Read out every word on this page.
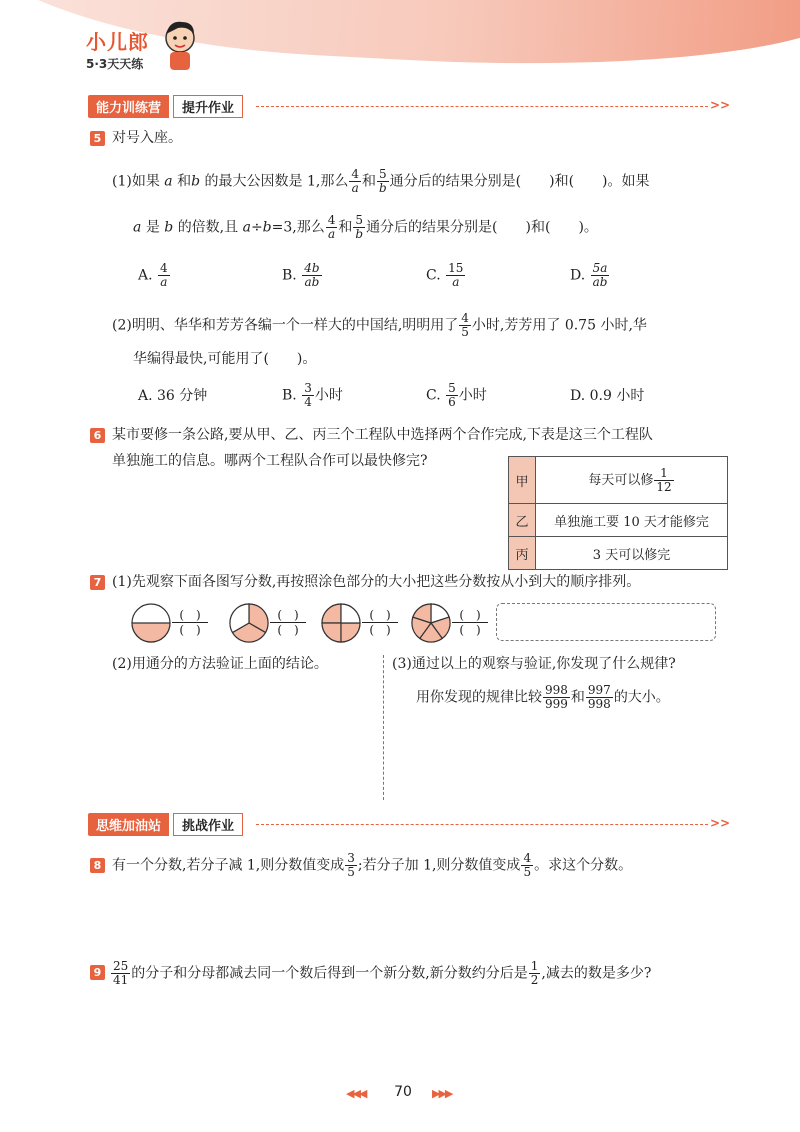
小儿郎
5·3天天练
能力训练营	提升作业	>>
5 对号入座。
(1)如果 a 和b 的最大公因数是 1,那么 $\frac{4}{a}$ 和 $\frac{5}{b}$ 通分后的结果分别是(　　)和(　　)。如果
a 是 b 的倍数,且 a÷b=3,那么 $\frac{4}{a}$ 和 $\frac{5}{b}$ 通分后的结果分别是(　　)和(　　)。
A. $\frac{4}{a}$	B. $\frac{4b}{ab}$	C. $\frac{15}{a}$	D. $\frac{5a}{ab}$
(2)明明、华华和芳芳各编一个一样大的中国结,明明用了 $\frac{4}{5}$ 小时,芳芳用了 0.75 小时,华
华编得最快,可能用了(　　)。
A. 36 分钟	B. $\frac{3}{4}$ 小时	C. $\frac{5}{6}$ 小时	D. 0.9 小时
6 某市要修一条公路,要从甲、乙、丙三个工程队中选择两个合作完成,下表是这三个工程队
单独施工的信息。哪两个工程队合作可以最快修完?
甲	每天可以修 $\frac{1}{12}$

乙	单独施工要 10 天才能修完
丙	3 天可以修完
7 (1)先观察下面各图写分数,再按照涂色部分的大小把这些分数按从小到大的顺序排列。
(　)
(　)
(　)
(　)
(　)
(　)
(　)
(　)
(2)用通分的方法验证上面的结论。	(3)通过以上的观察与验证,你发现了什么规律?
用你发现的规律比较 $\frac{998}{999}$ 和 $\frac{997}{998}$ 的大小。
思维加油站	挑战作业	>>
8 有一个分数,若分子减 1,则分数值变成 $\frac{3}{5}$ ;若分子加 1,则分数值变成 $\frac{4}{5}$ 。求这个分数。
$9 \frac{25}{41}$ 的分子和分母都减去同一个数后得到一个新分数,新分数约分后是 $\frac{1}{2}$ ,减去的数是多少?
◀◀◀	70	▶▶▶
